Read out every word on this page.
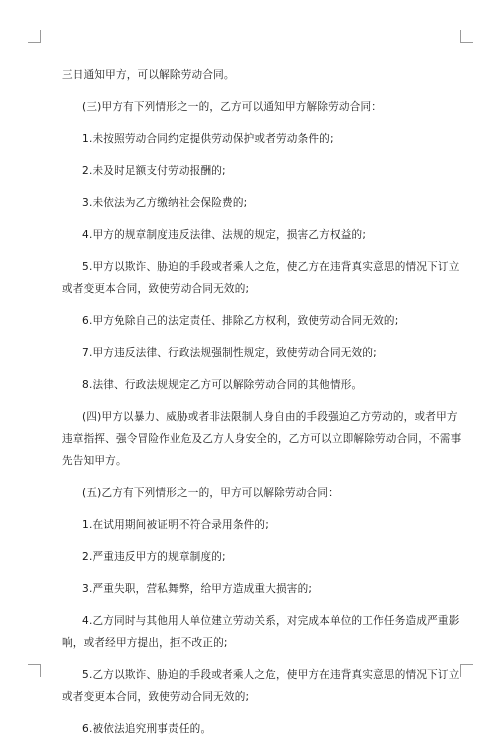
三日通知甲方，可以解除劳动合同。

(三)甲方有下列情形之一的，乙方可以通知甲方解除劳动合同：

1.未按照劳动合同约定提供劳动保护或者劳动条件的;

2.未及时足额支付劳动报酬的;

3.未依法为乙方缴纳社会保险费的;

4.甲方的规章制度违反法律、法规的规定，损害乙方权益的;

5.甲方以欺诈、胁迫的手段或者乘人之危，使乙方在违背真实意思的情况下订立
或者变更本合同，致使劳动合同无效的;

6.甲方免除自己的法定责任、排除乙方权利，致使劳动合同无效的;

7.甲方违反法律、行政法规强制性规定，致使劳动合同无效的;

8.法律、行政法规规定乙方可以解除劳动合同的其他情形。

(四)甲方以暴力、威胁或者非法限制人身自由的手段强迫乙方劳动的，或者甲方
违章指挥、强令冒险作业危及乙方人身安全的，乙方可以立即解除劳动合同，不需事
先告知甲方。

(五)乙方有下列情形之一的，甲方可以解除劳动合同：

1.在试用期间被证明不符合录用条件的;

2.严重违反甲方的规章制度的;

3.严重失职，营私舞弊，给甲方造成重大损害的;

4.乙方同时与其他用人单位建立劳动关系，对完成本单位的工作任务造成严重影
响，或者经甲方提出，拒不改正的;

5.乙方以欺诈、胁迫的手段或者乘人之危，使甲方在违背真实意思的情况下订立
或者变更本合同，致使劳动合同无效的;

6.被依法追究刑事责任的。
